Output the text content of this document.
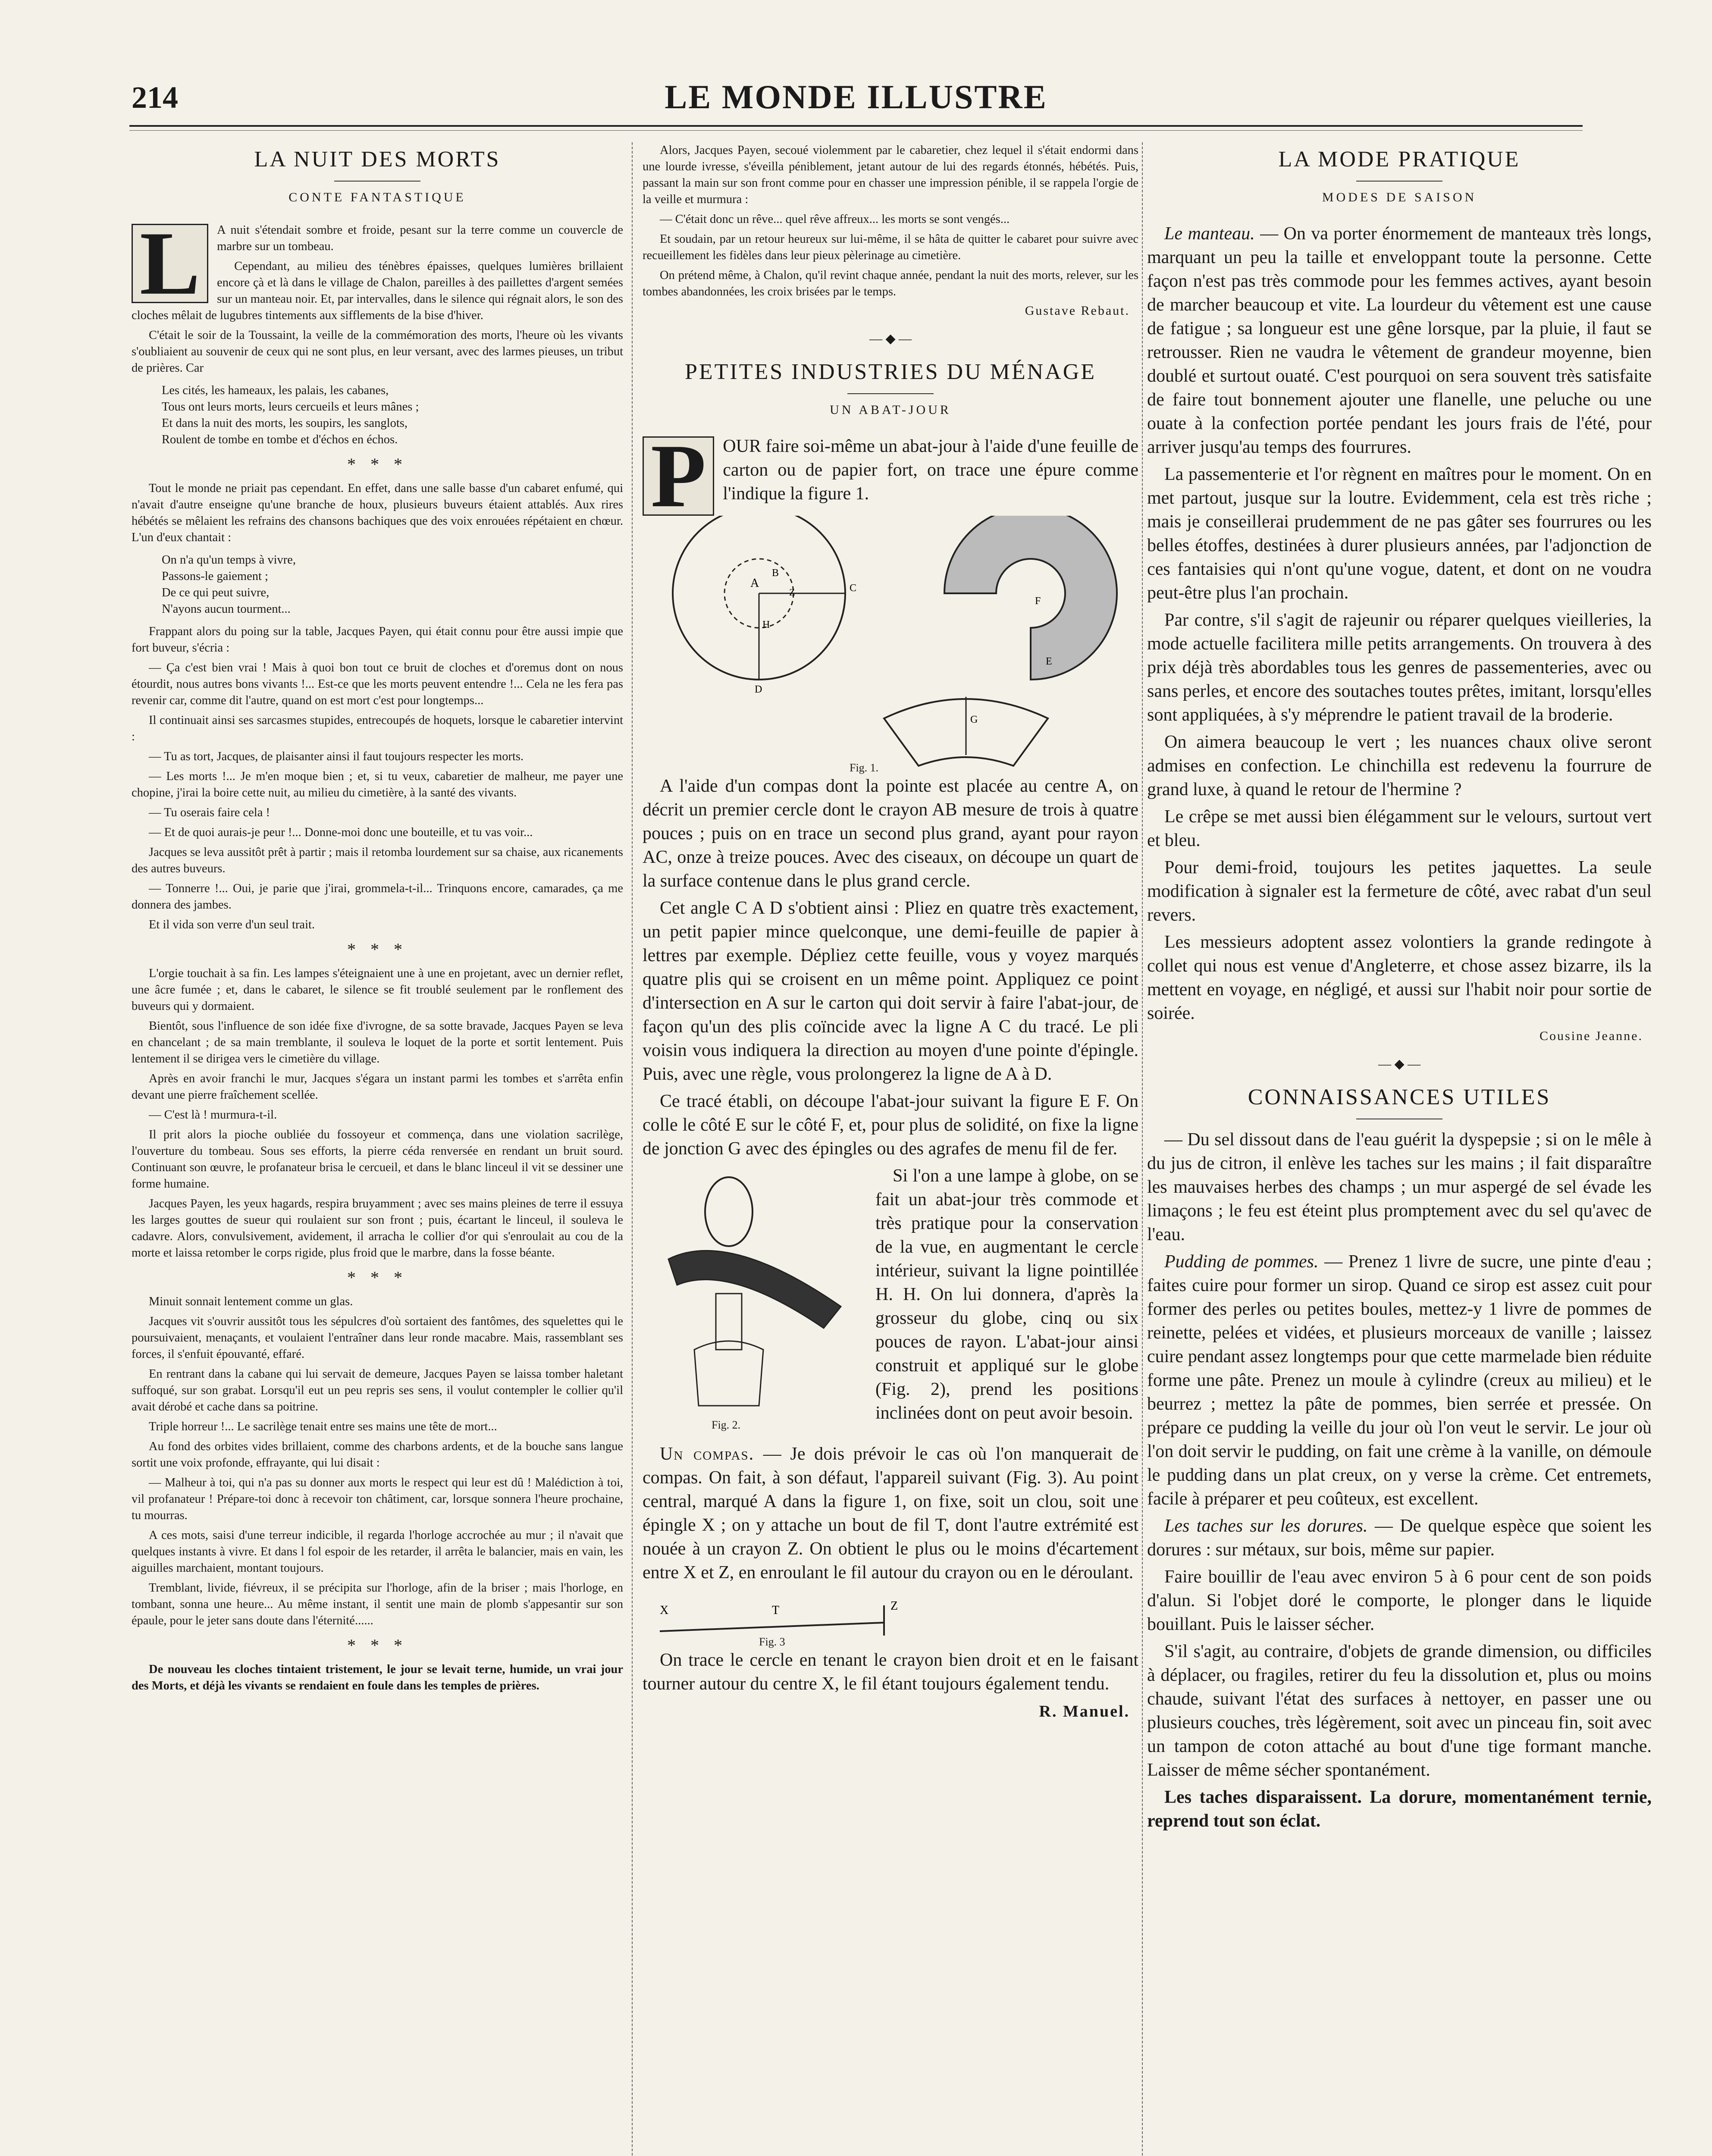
214	LE MONDE ILLUSTRE
LA NUIT DES MORTS
CONTE FANTASTIQUE

L	A nuit s'étendait sombre et froide, pesant sur la terre comme un couvercle de marbre sur un tombeau.

Cependant, au milieu des ténèbres épaisses, quelques lumières brillaient encore çà et là dans le village de Chalon, pareilles à des paillettes d'argent semées sur un manteau noir. Et, par intervalles, dans le silence qui régnait alors, le son des cloches mêlait de lugubres tintements aux sifflements de la bise d'hiver.

C'était le soir de la Toussaint, la veille de la commémoration des morts, l'heure où les vivants s'oubliaient au souvenir de ceux qui ne sont plus, en leur versant, avec des larmes pieuses, un tribut de prières. Car

Les cités, les hameaux, les palais, les cabanes,
Tous ont leurs morts, leurs cercueils et leurs mânes ;
Et dans la nuit des morts, les soupirs, les sanglots,
Roulent de tombe en tombe et d'échos en échos.
* * *

Tout le monde ne priait pas cependant. En effet, dans une salle basse d'un cabaret enfumé, qui n'avait d'autre enseigne qu'une branche de houx, plusieurs buveurs étaient attablés. Aux rires hébétés se mêlaient les refrains des chansons bachiques que des voix enrouées répétaient en chœur. L'un d'eux chantait :

On n'a qu'un temps à vivre,
Passons-le gaiement ;
De ce qui peut suivre,
N'ayons aucun tourment...

Frappant alors du poing sur la table, Jacques Payen, qui était connu pour être aussi impie que fort buveur, s'écria :

— Ça c'est bien vrai ! Mais à quoi bon tout ce bruit de cloches et d'oremus dont on nous étourdit, nous autres bons vivants !... Est-ce que les morts peuvent entendre !... Cela ne les fera pas revenir car, comme dit l'autre, quand on est mort c'est pour longtemps...

Il continuait ainsi ses sarcasmes stupides, entrecoupés de hoquets, lorsque le cabaretier intervint :

— Tu as tort, Jacques, de plaisanter ainsi il faut toujours respecter les morts.

— Les morts !... Je m'en moque bien ; et, si tu veux, cabaretier de malheur, me payer une chopine, j'irai la boire cette nuit, au milieu du cimetière, à la santé des vivants.

— Tu oserais faire cela !

— Et de quoi aurais-je peur !... Donne-moi donc une bouteille, et tu vas voir...

Jacques se leva aussitôt prêt à partir ; mais il retomba lourdement sur sa chaise, aux ricanements des autres buveurs.

— Tonnerre !... Oui, je parie que j'irai, grommela-t-il... Trinquons encore, camarades, ça me donnera des jambes.

Et il vida son verre d'un seul trait.

* * *

L'orgie touchait à sa fin. Les lampes s'éteignaient une à une en projetant, avec un dernier reflet, une âcre fumée ; et, dans le cabaret, le silence se fit troublé seulement par le ronflement des buveurs qui y dormaient.

Bientôt, sous l'influence de son idée fixe d'ivrogne, de sa sotte bravade, Jacques Payen se leva en chancelant ; de sa main tremblante, il souleva le loquet de la porte et sortit lentement. Puis lentement il se dirigea vers le cimetière du village.

Après en avoir franchi le mur, Jacques s'égara un instant parmi les tombes et s'arrêta enfin devant une pierre fraîchement scellée.

— C'est là ! murmura-t-il.

Il prit alors la pioche oubliée du fossoyeur et commença, dans une violation sacrilège, l'ouverture du tombeau. Sous ses efforts, la pierre céda renversée en rendant un bruit sourd. Continuant son œuvre, le profanateur brisa le cercueil, et dans le blanc linceul il vit se dessiner une forme humaine.

Jacques Payen, les yeux hagards, respira bruyamment ; avec ses mains pleines de terre il essuya les larges gouttes de sueur qui roulaient sur son front ; puis, écartant le linceul, il souleva le cadavre. Alors, convulsivement, avidement, il arracha le collier d'or qui s'enroulait au cou de la morte et laissa retomber le corps rigide, plus froid que le marbre, dans la fosse béante.

* * *

Minuit sonnait lentement comme un glas.

Jacques vit s'ouvrir aussitôt tous les sépulcres d'où sortaient des fantômes, des squelettes qui le poursuivaient, menaçants, et voulaient l'entraîner dans leur ronde macabre. Mais, rassemblant ses forces, il s'enfuit épouvanté, effaré.

En rentrant dans la cabane qui lui servait de demeure, Jacques Payen se laissa tomber haletant suffoqué, sur son grabat. Lorsqu'il eut un peu repris ses sens, il voulut contempler le collier qu'il avait dérobé et cache dans sa poitrine.

Triple horreur !... Le sacrilège tenait entre ses mains une tête de mort...

Au fond des orbites vides brillaient, comme des charbons ardents, et de la bouche sans langue sortit une voix profonde, effrayante, qui lui disait :

— Malheur à toi, qui n'a pas su donner aux morts le respect qui leur est dû ! Malédiction à toi, vil profanateur ! Prépare-toi donc à recevoir ton châtiment, car, lorsque sonnera l'heure prochaine, tu mourras.

A ces mots, saisi d'une terreur indicible, il regarda l'horloge accrochée au mur ; il n'avait que quelques instants à vivre. Et dans l fol espoir de les retarder, il arrêta le balancier, mais en vain, les aiguilles marchaient, montant toujours.

Tremblant, livide, fiévreux, il se précipita sur l'horloge, afin de la briser ; mais l'horloge, en tombant, sonna une heure... Au même instant, il sentit une main de plomb s'appesantir sur son épaule, pour le jeter sans doute dans l'éternité......

* * *

De nouveau les cloches tintaient tristement, le jour se levait terne, humide, un vrai jour des Morts, et déjà les vivants se rendaient en foule dans les temples de prières.

Alors, Jacques Payen, secoué violemment par le cabaretier, chez lequel il s'était endormi dans une lourde ivresse, s'éveilla péniblement, jetant autour de lui des regards étonnés, hébétés. Puis, passant la main sur son front comme pour en chasser une impression pénible, il se rappela l'orgie de la veille et murmura :

— C'était donc un rêve... quel rêve affreux... les morts se sont vengés...

Et soudain, par un retour heureux sur lui-même, il se hâta de quitter le cabaret pour suivre avec recueillement les fidèles dans leur pieux pèlerinage au cimetière.

On prétend même, à Chalon, qu'il revint chaque année, pendant la nuit des morts, relever, sur les tombes abandonnées, les croix brisées par le temps.

Gustave Rebaut.
— ◆ —
PETITES INDUSTRIES DU MÉNAGE
UN ABAT-JOUR

P OUR faire soi-même un abat-jour à l'aide d'une feuille de carton ou de papier fort, on trace une épure comme l'indique la figure 1.

A
B
C
D
E
F
G
H
Z
Fig. 1.

A l'aide d'un compas dont la pointe est placée au centre A, on décrit un premier cercle dont le crayon AB mesure de trois à quatre pouces ; puis on en trace un second plus grand, ayant pour rayon AC, onze à treize pouces. Avec des ciseaux, on découpe un quart de la surface contenue dans le plus grand cercle.

Cet angle C A D s'obtient ainsi : Pliez en quatre très exactement, un petit papier mince quelconque, une demi-feuille de papier à lettres par exemple. Dépliez cette feuille, vous y voyez marqués quatre plis qui se croisent en un même point. Appliquez ce point d'intersection en A sur le carton qui doit servir à faire l'abat-jour, de façon qu'un des plis coïncide avec la ligne A C du tracé. Le pli voisin vous indiquera la direction au moyen d'une pointe d'épingle. Puis, avec une règle, vous prolongerez la ligne de A à D.

Ce tracé établi, on découpe l'abat-jour suivant la figure E F. On colle le côté E sur le côté F, et, pour plus de solidité, on fixe la ligne de jonction G avec des épingles ou des agrafes de menu fil de fer.

Fig. 2.

Si l'on a une lampe à globe, on se fait un abat-jour très commode et très pratique pour la conservation de la vue, en augmentant le cercle intérieur, suivant la ligne pointillée H. H. On lui donnera, d'après la grosseur du globe, cinq ou six pouces de rayon. L'abat-jour ainsi construit et appliqué sur le globe (Fig. 2), prend les positions inclinées dont on peut avoir besoin.

Un compas. — Je dois prévoir le cas où l'on manquerait de compas. On fait, à son défaut, l'appareil suivant (Fig. 3). Au point central, marqué A dans la figure 1, on fixe, soit un clou, soit une épingle X ; on y attache un bout de fil T, dont l'autre extrémité est nouée à un crayon Z. On obtient le plus ou le moins d'écartement entre X et Z, en enroulant le fil autour du crayon ou en le déroulant.

X	T	Z
Fig. 3

On trace le cercle en tenant le crayon bien droit et en le faisant tourner autour du centre X, le fil étant toujours également tendu.

R. Manuel.
LA MODE PRATIQUE
MODES DE SAISON

Le manteau. — On va porter énormement de manteaux très longs, marquant un peu la taille et enveloppant toute la personne. Cette façon n'est pas très commode pour les femmes actives, ayant besoin de marcher beaucoup et vite. La lourdeur du vêtement est une cause de fatigue ; sa longueur est une gêne lorsque, par la pluie, il faut se retrousser. Rien ne vaudra le vêtement de grandeur moyenne, bien doublé et surtout ouaté. C'est pourquoi on sera souvent très satisfaite de faire tout bonnement ajouter une flanelle, une peluche ou une ouate à la confection portée pendant les jours frais de l'été, pour arriver jusqu'au temps des fourrures.

La passementerie et l'or règnent en maîtres pour le moment. On en met partout, jusque sur la loutre. Evidemment, cela est très riche ; mais je conseillerai prudemment de ne pas gâter ses fourrures ou les belles étoffes, destinées à durer plusieurs années, par l'adjonction de ces fantaisies qui n'ont qu'une vogue, datent, et dont on ne voudra peut-être plus l'an prochain.

Par contre, s'il s'agit de rajeunir ou réparer quelques vieilleries, la mode actuelle facilitera mille petits arrangements. On trouvera à des prix déjà très abordables tous les genres de passementeries, avec ou sans perles, et encore des soutaches toutes prêtes, imitant, lorsqu'elles sont appliquées, à s'y méprendre le patient travail de la broderie.

On aimera beaucoup le vert ; les nuances chaux olive seront admises en confection. Le chinchilla est redevenu la fourrure de grand luxe, à quand le retour de l'hermine ?

Le crêpe se met aussi bien élégamment sur le velours, surtout vert et bleu.

Pour demi-froid, toujours les petites jaquettes. La seule modification à signaler est la fermeture de côté, avec rabat d'un seul revers.

Les messieurs adoptent assez volontiers la grande redingote à collet qui nous est venue d'Angleterre, et chose assez bizarre, ils la mettent en voyage, en négligé, et aussi sur l'habit noir pour sortie de soirée.

Cousine Jeanne.
— ◆ —
CONNAISSANCES UTILES

— Du sel dissout dans de l'eau guérit la dyspepsie ; si on le mêle à du jus de citron, il enlève les taches sur les mains ; il fait disparaître les mauvaises herbes des champs ; un mur aspergé de sel évade les limaçons ; le feu est éteint plus promptement avec du sel qu'avec de l'eau.

Pudding de pommes. — Prenez 1 livre de sucre, une pinte d'eau ; faites cuire pour former un sirop. Quand ce sirop est assez cuit pour former des perles ou petites boules, mettez-y 1 livre de pommes de reinette, pelées et vidées, et plusieurs morceaux de vanille ; laissez cuire pendant assez longtemps pour que cette marmelade bien réduite forme une pâte. Prenez un moule à cylindre (creux au milieu) et le beurrez ; mettez la pâte de pommes, bien serrée et pressée. On prépare ce pudding la veille du jour où l'on veut le servir. Le jour où l'on doit servir le pudding, on fait une crème à la vanille, on démoule le pudding dans un plat creux, on y verse la crème. Cet entremets, facile à préparer et peu coûteux, est excellent.

Les taches sur les dorures. — De quelque espèce que soient les dorures : sur métaux, sur bois, même sur papier.

Faire bouillir de l'eau avec environ 5 à 6 pour cent de son poids d'alun. Si l'objet doré le comporte, le plonger dans le liquide bouillant. Puis le laisser sécher.

S'il s'agit, au contraire, d'objets de grande dimension, ou difficiles à déplacer, ou fragiles, retirer du feu la dissolution et, plus ou moins chaude, suivant l'état des surfaces à nettoyer, en passer une ou plusieurs couches, très légèrement, soit avec un pinceau fin, soit avec un tampon de coton attaché au bout d'une tige formant manche. Laisser de même sécher spontanément.

Les taches disparaissent. La dorure, momentanément ternie, reprend tout son éclat.
